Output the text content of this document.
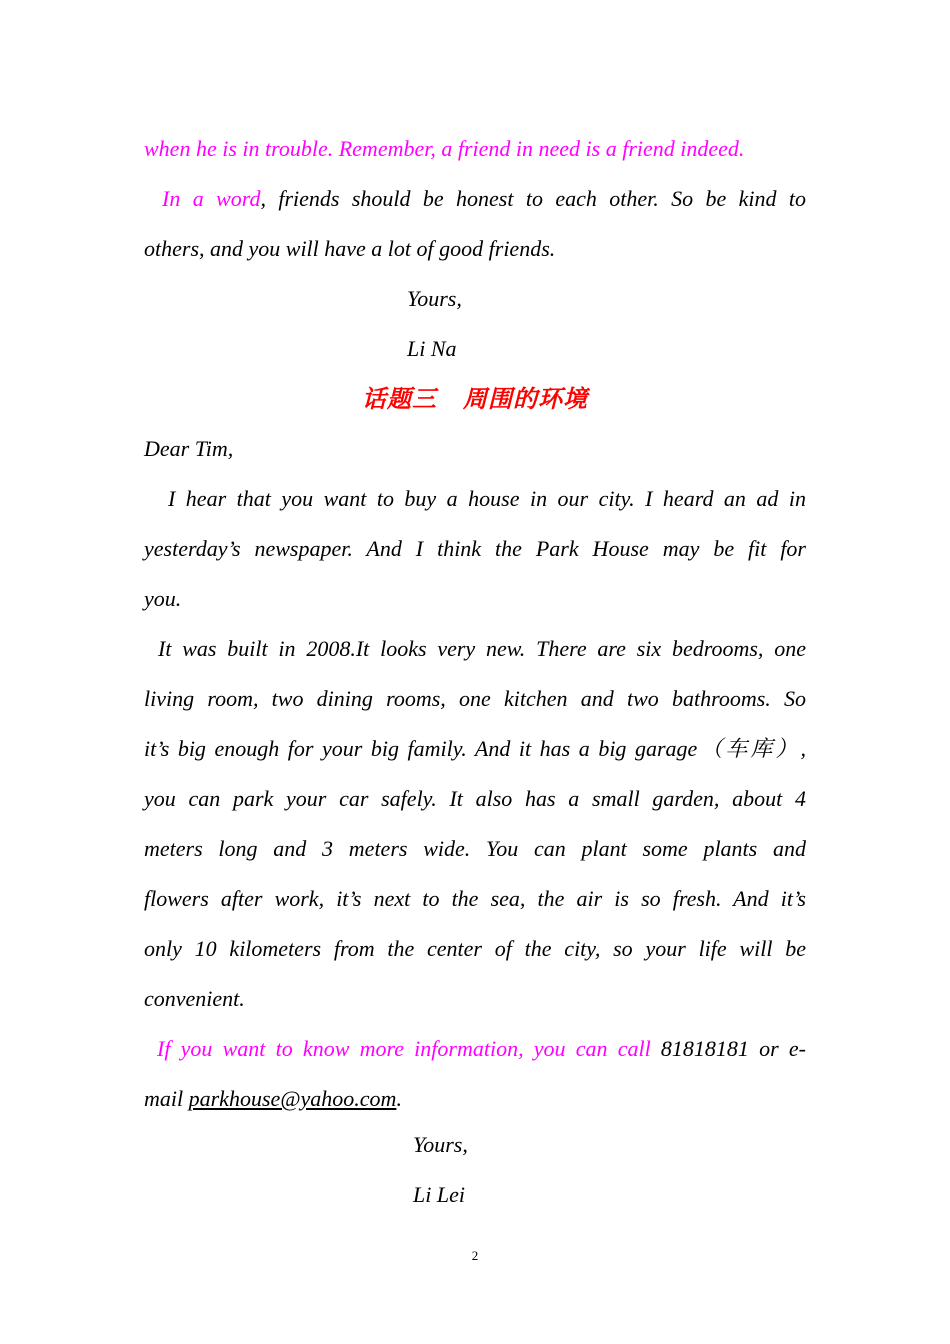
when he is in trouble. Remember, a friend in need is a friend indeed.
In a word, friends should be honest to each other. So be kind to
others, and you will have a lot of good friends.
话题三 周围的环境
Dear Tim,
I hear that you want to buy a house in our city. I heard an ad in
yesterday’s newspaper. And I think the Park House may be fit for
you.
It was built in 2008.It looks very new. There are six bedrooms, one
living room, two dining rooms, one kitchen and two bathrooms. So
it’s big enough for your big family. And it has a big garage（车库）,
you can park your car safely. It also has a small garden, about 4
meters long and 3 meters wide. You can plant some plants and
flowers after work, it’s next to the sea, the air is so fresh. And it’s
only 10 kilometers from the center of the city, so your life will be
convenient.
If you want to know more information, you can call 81818181 or e-
mail parkhouse@yahoo.com.
Yours,
Li Na
Yours,
Li Lei
2
